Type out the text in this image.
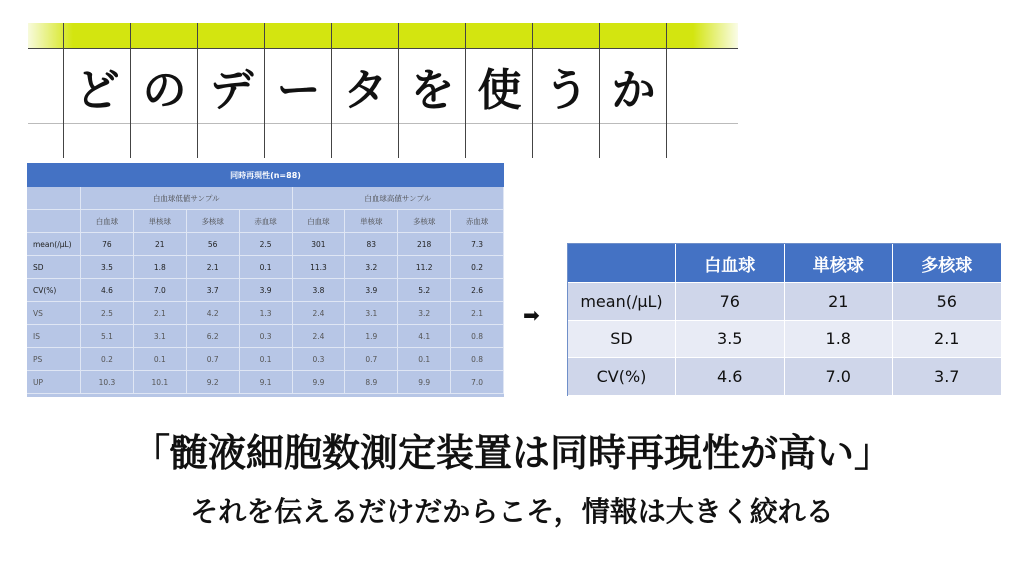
ど の デ ー タ を 使 う か
同時再現性(n=88)
白血球低値サンプル	白血球高値サンプル
白血球	単核球	多核球	赤血球	白血球	単核球	多核球	赤血球
mean(/μL)	76	21	56	2.5	301	83	218	7.3
SD	3.5	1.8	2.1	0.1	11.3	3.2	11.2	0.2
CV(%)	4.6	7.0	3.7	3.9	3.8	3.9	5.2	2.6
VS	2.5	2.1	4.2	1.3	2.4	3.1	3.2	2.1
IS	5.1	3.1	6.2	0.3	2.4	1.9	4.1	0.8
PS	0.2	0.1	0.7	0.1	0.3	0.7	0.1	0.8
UP	10.3	10.1	9.2	9.1	9.9	8.9	9.9	7.0
➡
白血球	単核球	多核球
mean(/μL)	76	21	56
SD	3.5	1.8	2.1
CV(%)	4.6	7.0	3.7
「髄液細胞数測定装置は同時再現性が高い」
それを伝えるだけだからこそ，情報は大きく絞れる
